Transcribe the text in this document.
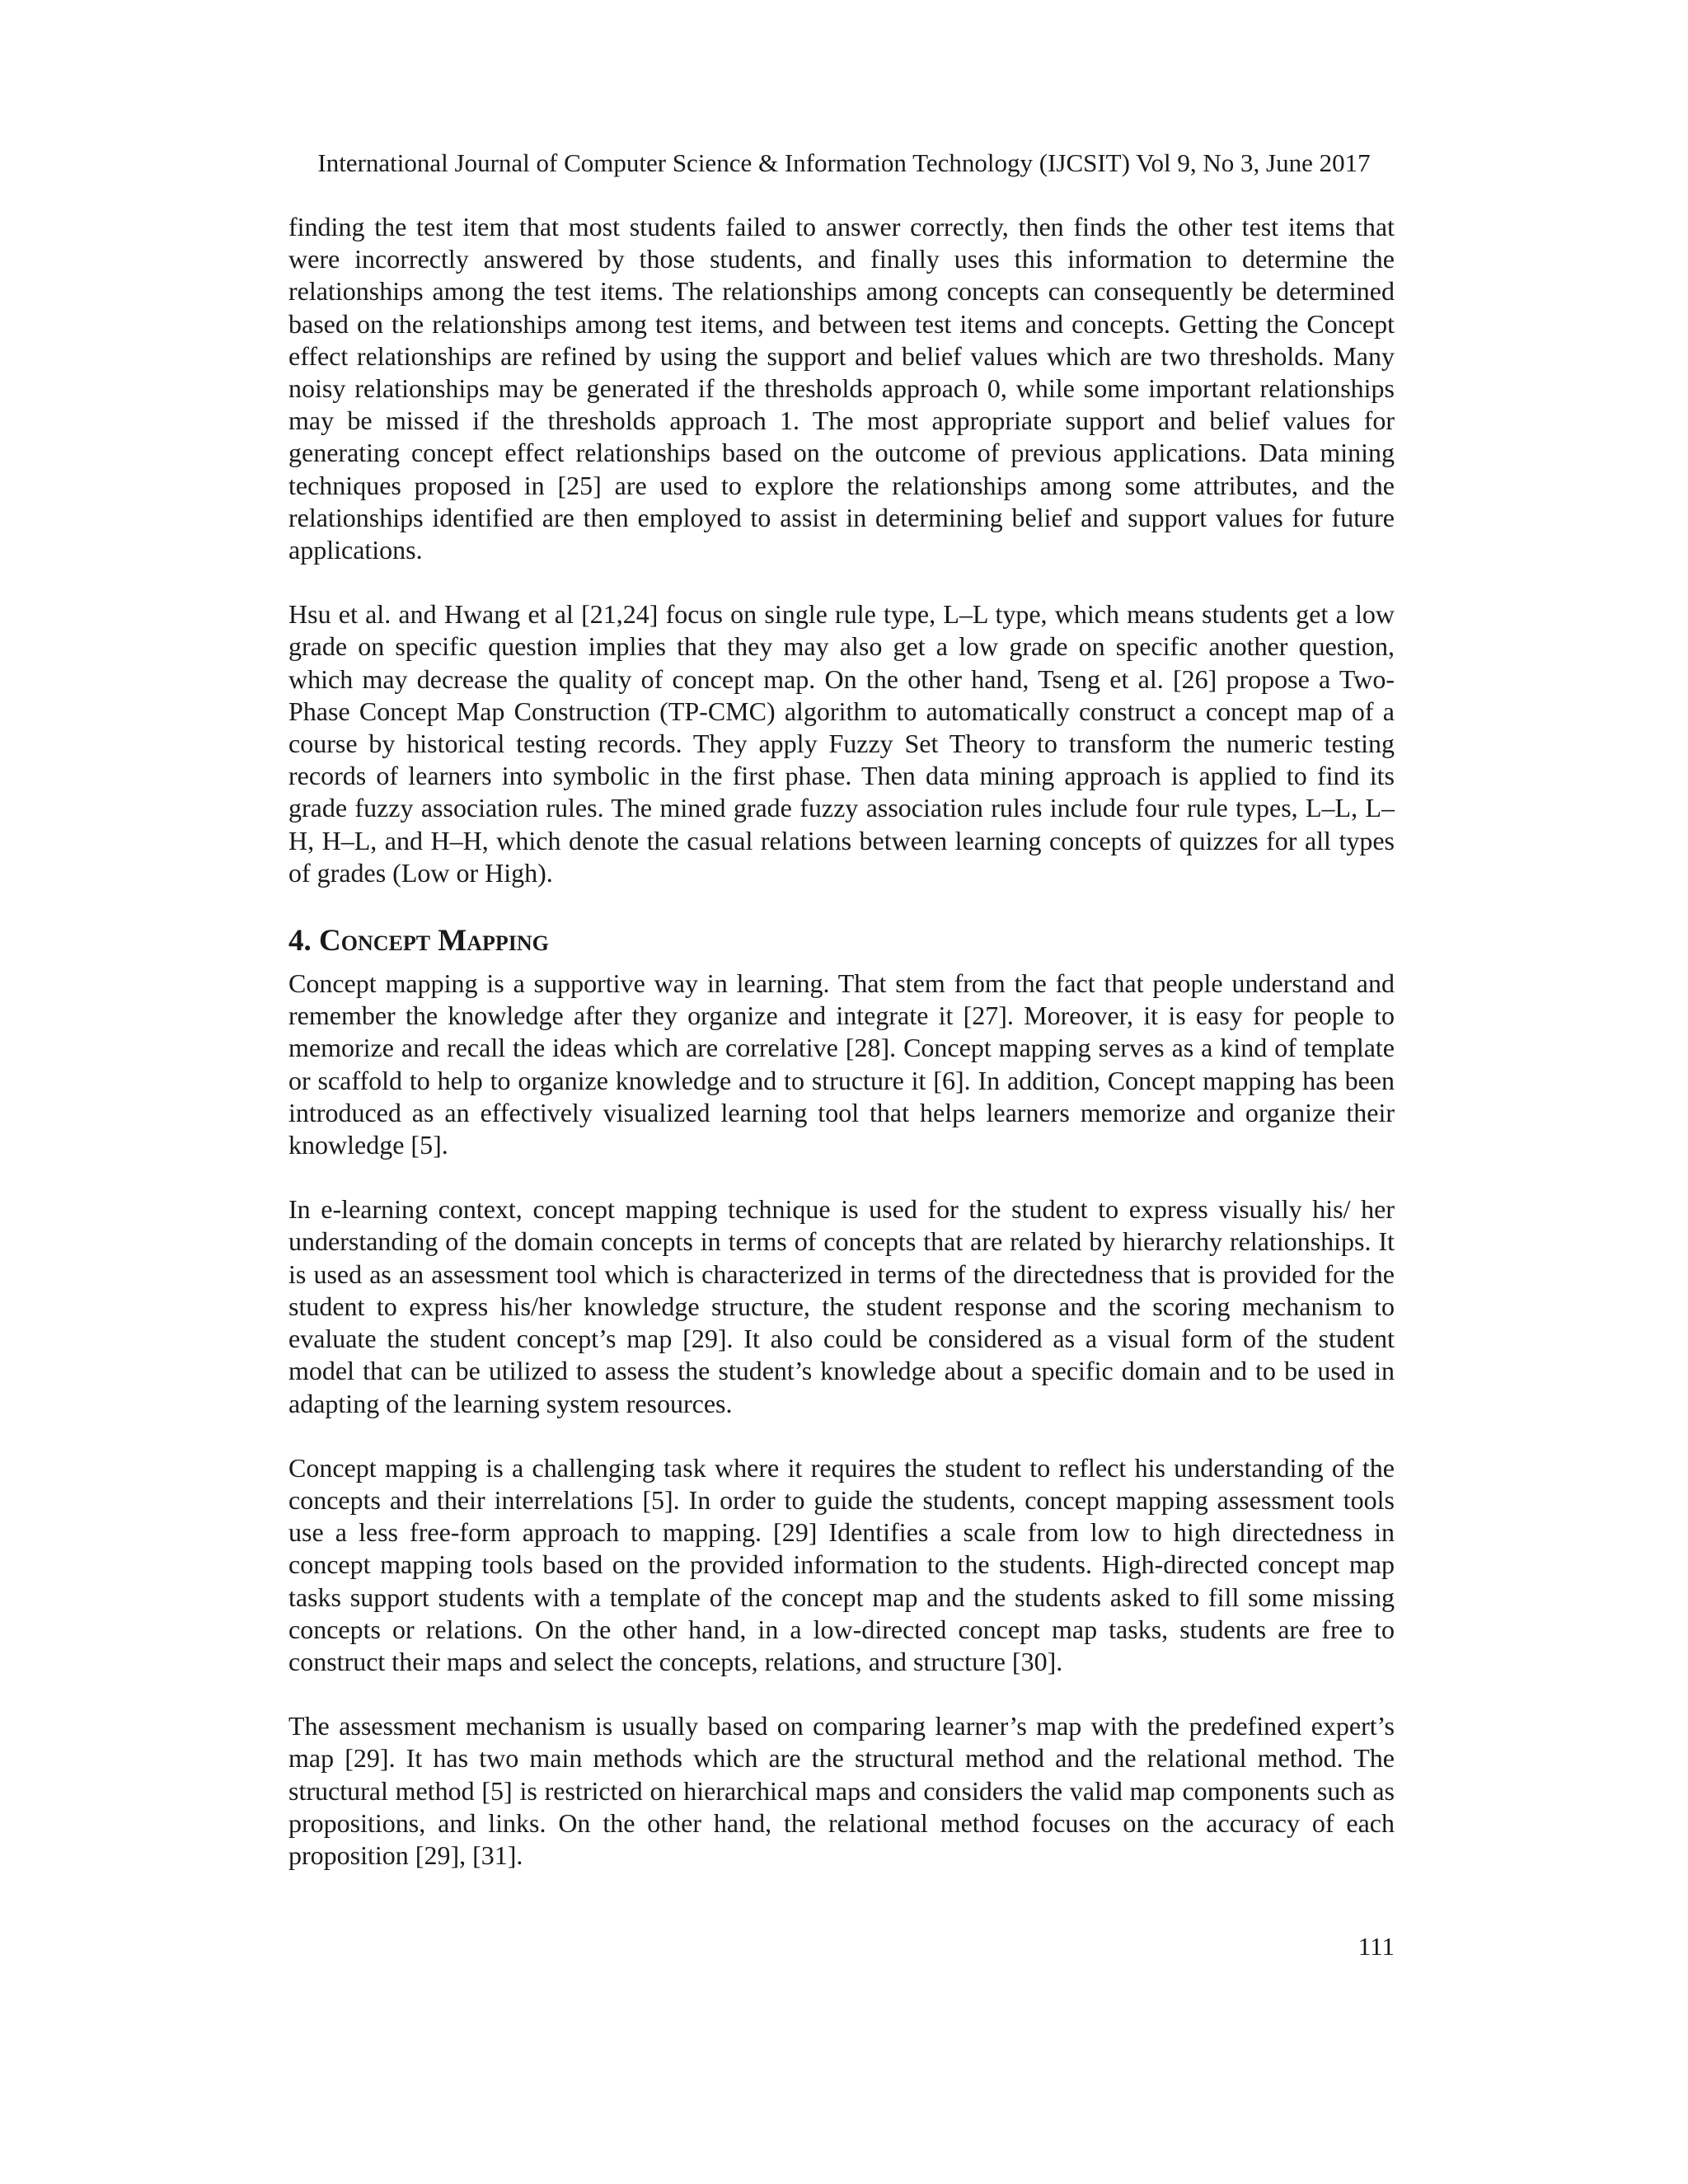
International Journal of Computer Science & Information Technology (IJCSIT) Vol 9, No 3, June 2017

finding the test item that most students failed to answer correctly, then finds the other test items that were incorrectly answered by those students, and finally uses this information to determine the relationships among the test items. The relationships among concepts can consequently be determined based on the relationships among test items, and between test items and concepts. Getting the Concept effect relationships are refined by using the support and belief values which are two thresholds. Many noisy relationships may be generated if the thresholds approach 0, while some important relationships may be missed if the thresholds approach 1. The most appropriate support and belief values for generating concept effect relationships based on the outcome of previous applications. Data mining techniques proposed in [25] are used to explore the relationships among some attributes, and the relationships identified are then employed to assist in determining belief and support values for future applications.

Hsu et al. and Hwang et al [21,24] focus on single rule type, L–L type, which means students get a low grade on specific question implies that they may also get a low grade on specific another question, which may decrease the quality of concept map. On the other hand, Tseng et al. [26] propose a Two-Phase Concept Map Construction (TP-CMC) algorithm to automatically construct a concept map of a course by historical testing records. They apply Fuzzy Set Theory to transform the numeric testing records of learners into symbolic in the first phase. Then data mining approach is applied to find its grade fuzzy association rules. The mined grade fuzzy association rules include four rule types, L–L, L–H, H–L, and H–H, which denote the casual relations between learning concepts of quizzes for all types of grades (Low or High).

4. Concept Mapping

Concept mapping is a supportive way in learning. That stem from the fact that people understand and remember the knowledge after they organize and integrate it [27]. Moreover, it is easy for people to memorize and recall the ideas which are correlative [28]. Concept mapping serves as a kind of template or scaffold to help to organize knowledge and to structure it [6]. In addition, Concept mapping has been introduced as an effectively visualized learning tool that helps learners memorize and organize their knowledge [5].

In e-learning context, concept mapping technique is used for the student to express visually his/ her understanding of the domain concepts in terms of concepts that are related by hierarchy relationships. It is used as an assessment tool which is characterized in terms of the directedness that is provided for the student to express his/her knowledge structure, the student response and the scoring mechanism to evaluate the student concept’s map [29]. It also could be considered as a visual form of the student model that can be utilized to assess the student’s knowledge about a specific domain and to be used in adapting of the learning system resources.

Concept mapping is a challenging task where it requires the student to reflect his understanding of the concepts and their interrelations [5]. In order to guide the students, concept mapping assessment tools use a less free-form approach to mapping. [29] Identifies a scale from low to high directedness in concept mapping tools based on the provided information to the students. High-directed concept map tasks support students with a template of the concept map and the students asked to fill some missing concepts or relations. On the other hand, in a low-directed concept map tasks, students are free to construct their maps and select the concepts, relations, and structure [30].

The assessment mechanism is usually based on comparing learner’s map with the predefined expert’s map [29]. It has two main methods which are the structural method and the relational method. The structural method [5] is restricted on hierarchical maps and considers the valid map components such as propositions, and links. On the other hand, the relational method focuses on the accuracy of each proposition [29], [31].

111
